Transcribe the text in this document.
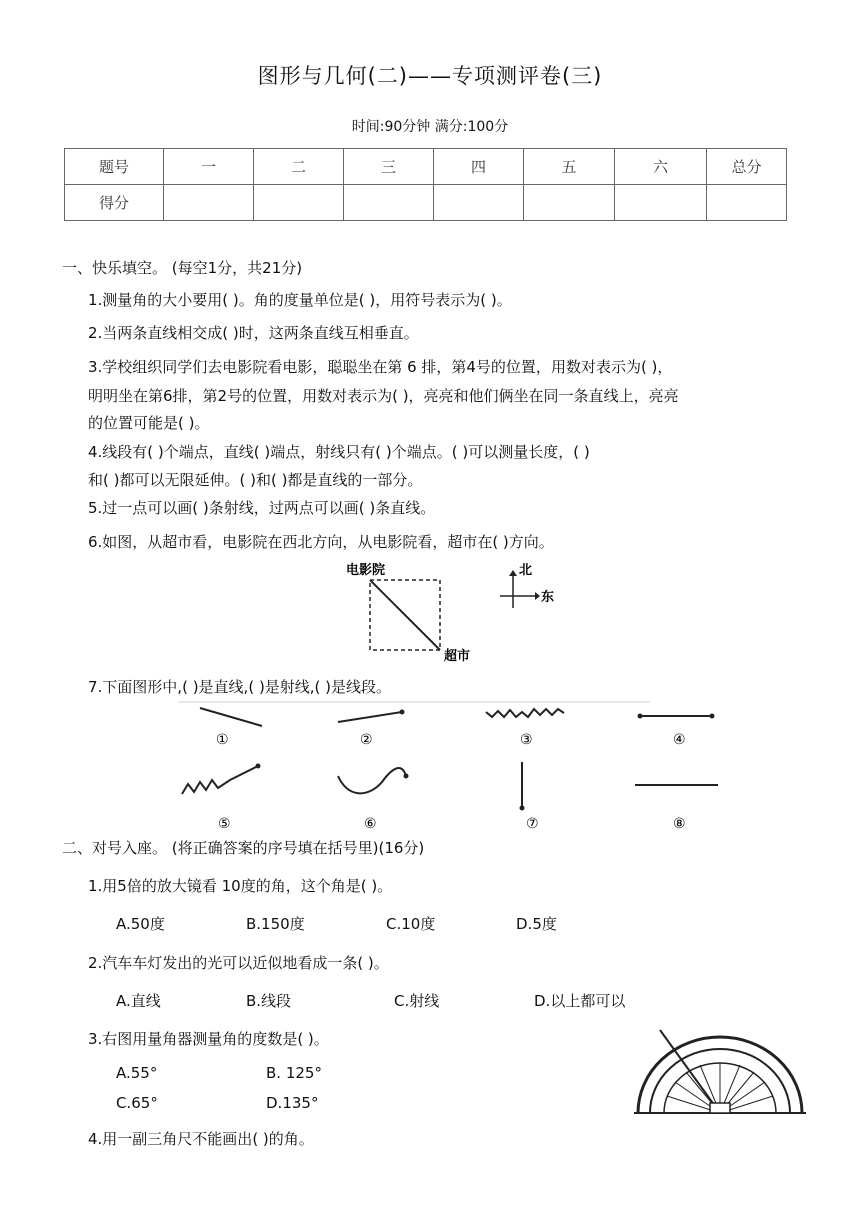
图形与几何(二)——专项测评卷(三)
时间:90分钟 满分:100分
题号	一	二	三	四	五	六	总分
得分							
一、快乐填空。 (每空1分，共21分)
1.测量角的大小要用( )。角的度量单位是( )，用符号表示为( )。
2.当两条直线相交成( )时，这两条直线互相垂直。
3.学校组织同学们去电影院看电影，聪聪坐在第 6 排，第4号的位置，用数对表示为( )，
明明坐在第6排，第2号的位置，用数对表示为( )，亮亮和他们俩坐在同一条直线上，亮亮
的位置可能是( )。
4.线段有( )个端点，直线( )端点，射线只有( )个端点。( )可以测量长度，( )
和( )都可以无限延伸。( )和( )都是直线的一部分。
5.过一点可以画( )条射线，过两点可以画( )条直线。
6.如图，从超市看，电影院在西北方向，从电影院看，超市在( )方向。
电影院
超市
北
东
7.下面图形中,( )是直线,( )是射线,( )是线段。
①	②	③	④
⑤	⑥	⑦	⑧
二、对号入座。 (将正确答案的序号填在括号里)(16分)
1.用5倍的放大镜看 10度的角，这个角是( )。
A.50度	B.150度	C.10度	D.5度
2.汽车车灯发出的光可以近似地看成一条( )。
A.直线	B.线段	C.射线	D.以上都可以
3.右图用量角器测量角的度数是( )。
A.55°	B. 125°
C.65°	D.135°
4.用一副三角尺不能画出( )的角。
